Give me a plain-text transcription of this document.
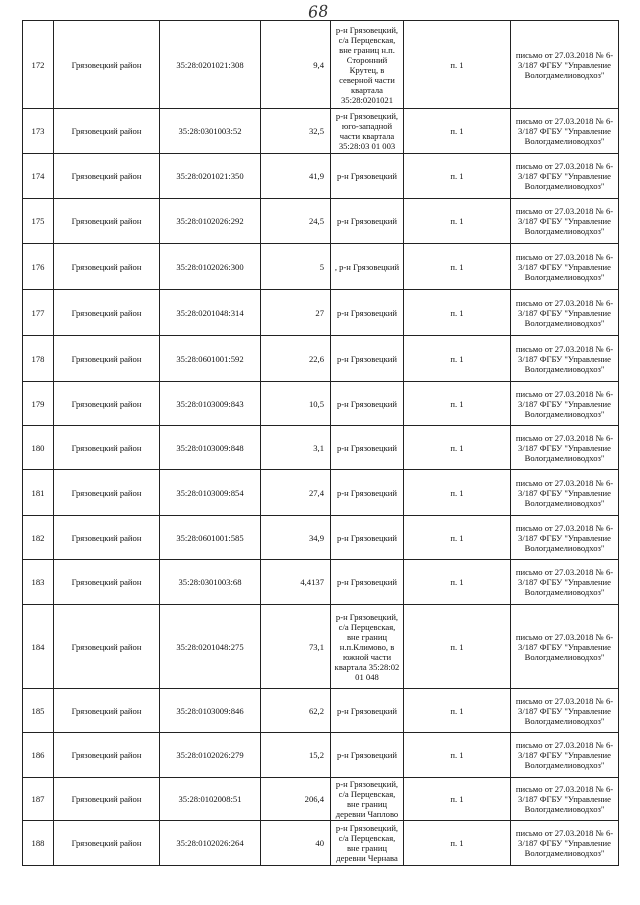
68
172	Грязовецкий район	35:28:0201021:308	9,4	р-н Грязовецкий, с/а Перцевская, вне границ н.п. Сторонний Крутец, в северной части квартала 35:28:0201021	п. 1	письмо от 27.03.2018 № 6-3/187 ФГБУ "Управление Вологдамелиоводхоз"
173	Грязовецкий район	35:28:0301003:52	32,5	р-н Грязовецкий, юго-западной части квартала 35:28:03 01 003	п. 1	письмо от 27.03.2018 № 6-3/187 ФГБУ "Управление Вологдамелиоводхоз"
174	Грязовецкий район	35:28:0201021:350	41,9	р-н Грязовецкий	п. 1	письмо от 27.03.2018 № 6-3/187 ФГБУ "Управление Вологдамелиоводхоз"
175	Грязовецкий район	35:28:0102026:292	24,5	р-н Грязовецкий	п. 1	письмо от 27.03.2018 № 6-3/187 ФГБУ "Управление Вологдамелиоводхоз"
176	Грязовецкий район	35:28:0102026:300	5	, р-н Грязовецкий	п. 1	письмо от 27.03.2018 № 6-3/187 ФГБУ "Управление Вологдамелиоводхоз"
177	Грязовецкий район	35:28:0201048:314	27	р-н Грязовецкий	п. 1	письмо от 27.03.2018 № 6-3/187 ФГБУ "Управление Вологдамелиоводхоз"
178	Грязовецкий район	35:28:0601001:592	22,6	р-н Грязовецкий	п. 1	письмо от 27.03.2018 № 6-3/187 ФГБУ "Управление Вологдамелиоводхоз"
179	Грязовецкий район	35:28:0103009:843	10,5	р-н Грязовецкий	п. 1	письмо от 27.03.2018 № 6-3/187 ФГБУ "Управление Вологдамелиоводхоз"
180	Грязовецкий район	35:28:0103009:848	3,1	р-н Грязовецкий	п. 1	письмо от 27.03.2018 № 6-3/187 ФГБУ "Управление Вологдамелиоводхоз"
181	Грязовецкий район	35:28:0103009:854	27,4	р-н Грязовецкий	п. 1	письмо от 27.03.2018 № 6-3/187 ФГБУ "Управление Вологдамелиоводхоз"
182	Грязовецкий район	35:28:0601001:585	34,9	р-н Грязовецкий	п. 1	письмо от 27.03.2018 № 6-3/187 ФГБУ "Управление Вологдамелиоводхоз"
183	Грязовецкий район	35:28:0301003:68	4,4137	р-н Грязовецкий	п. 1	письмо от 27.03.2018 № 6-3/187 ФГБУ "Управление Вологдамелиоводхоз"
184	Грязовецкий район	35:28:0201048:275	73,1	р-н Грязовецкий, с/а Перцевская, вне границ н.п.Климово, в южной части квартала 35:28:02 01 048	п. 1	письмо от 27.03.2018 № 6-3/187 ФГБУ "Управление Вологдамелиоводхоз"
185	Грязовецкий район	35:28:0103009:846	62,2	р-н Грязовецкий	п. 1	письмо от 27.03.2018 № 6-3/187 ФГБУ "Управление Вологдамелиоводхоз"
186	Грязовецкий район	35:28:0102026:279	15,2	р-н Грязовецкий	п. 1	письмо от 27.03.2018 № 6-3/187 ФГБУ "Управление Вологдамелиоводхоз"
187	Грязовецкий район	35:28:0102008:51	206,4	р-н Грязовецкий, с/а Перцевская, вне границ деревни Чаплово	п. 1	письмо от 27.03.2018 № 6-3/187 ФГБУ "Управление Вологдамелиоводхоз"
188	Грязовецкий район	35:28:0102026:264	40	р-н Грязовецкий, с/а Перцевская, вне границ деревни Чернава	п. 1	письмо от 27.03.2018 № 6-3/187 ФГБУ "Управление Вологдамелиоводхоз"
